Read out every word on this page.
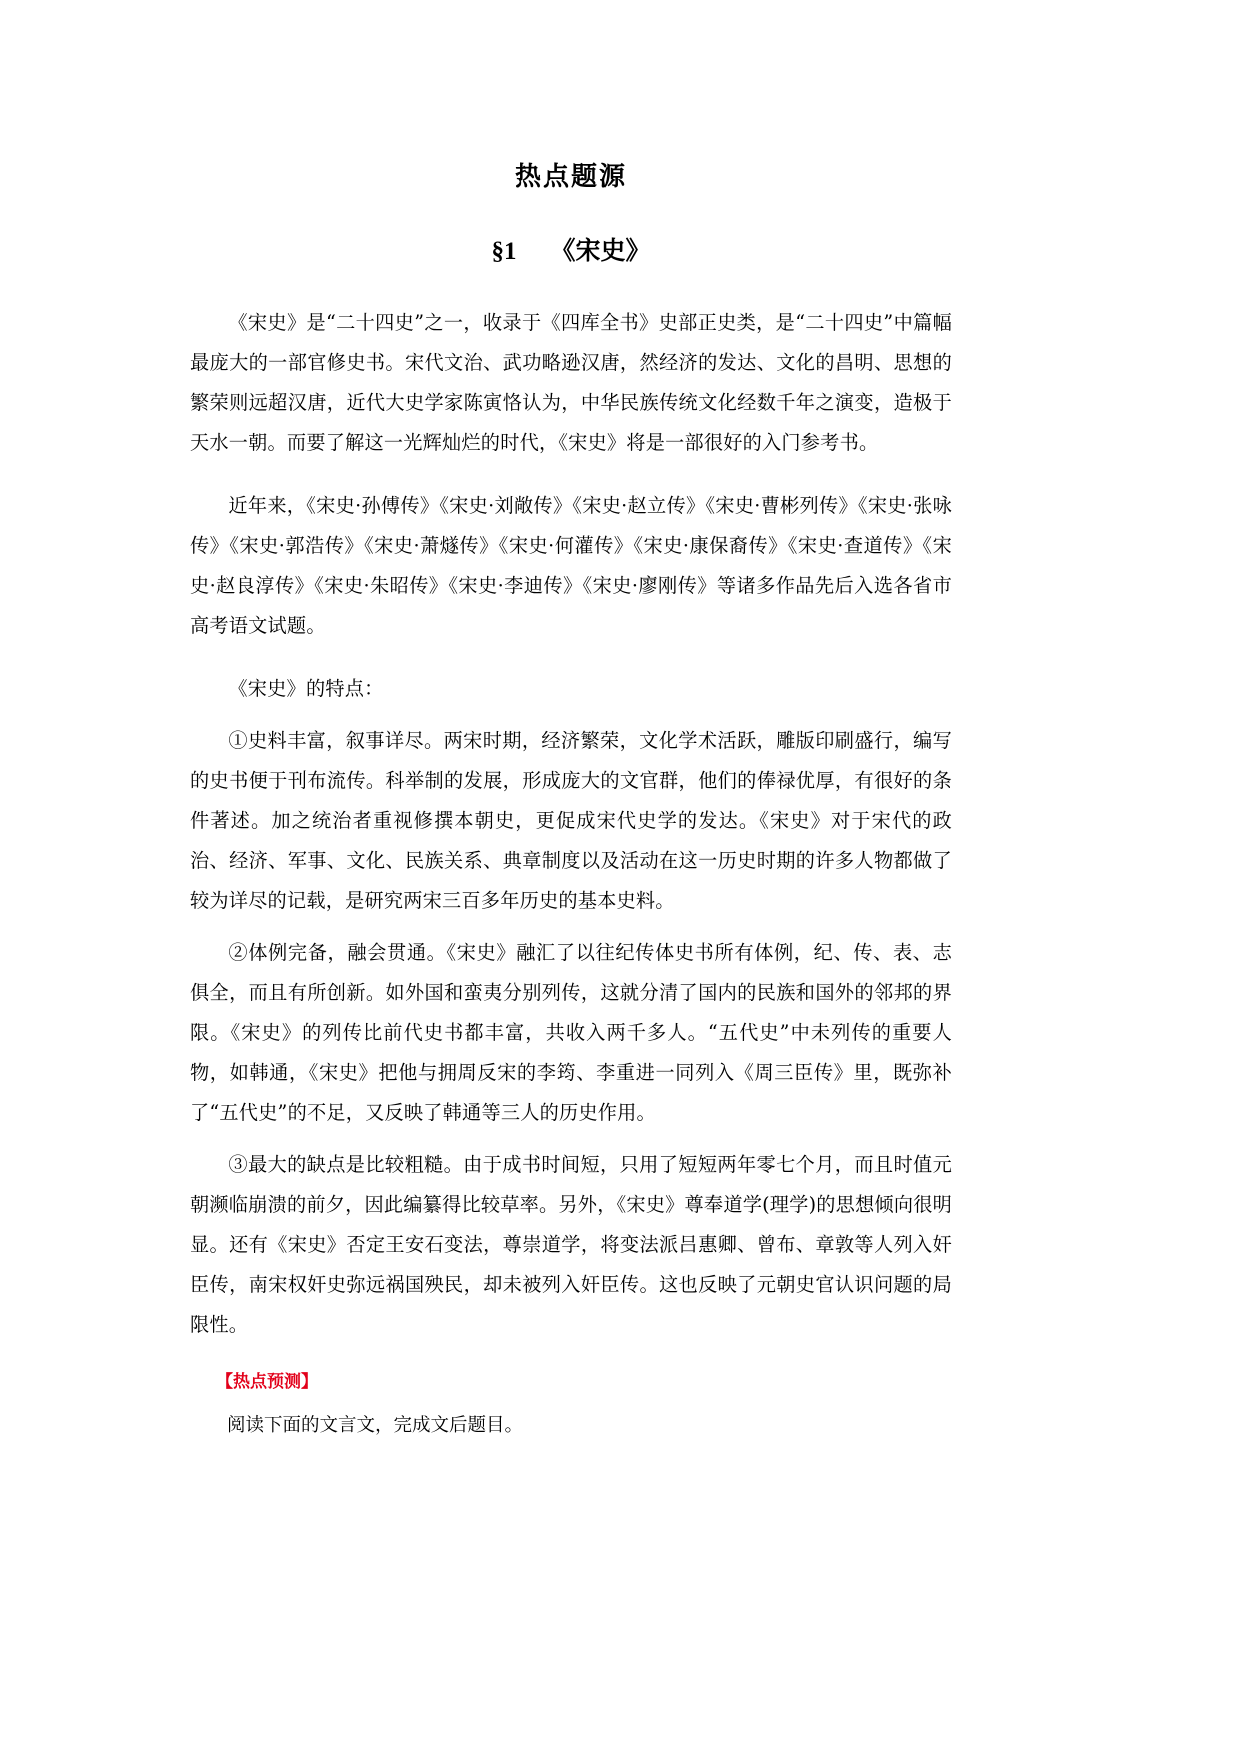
热点题源
§1 《宋史》

《宋史》是“二十四史”之一，收录于《四库全书》史部正史类，是“二十四史”中篇幅最庞大的一部官修史书。宋代文治、武功略逊汉唐，然经济的发达、文化的昌明、思想的繁荣则远超汉唐，近代大史学家陈寅恪认为，中华民族传统文化经数千年之演变，造极于天水一朝。而要了解这一光辉灿烂的时代，《宋史》将是一部很好的入门参考书。

近年来，《宋史·孙傅传》《宋史·刘敞传》《宋史·赵立传》《宋史·曹彬列传》《宋史·张咏传》《宋史·郭浩传》《宋史·萧燧传》《宋史·何灌传》《宋史·康保裔传》《宋史·查道传》《宋史·赵良淳传》《宋史·朱昭传》《宋史·李迪传》《宋史·廖刚传》等诸多作品先后入选各省市高考语文试题。

《宋史》的特点：

①史料丰富，叙事详尽。两宋时期，经济繁荣，文化学术活跃，雕版印刷盛行，编写的史书便于刊布流传。科举制的发展，形成庞大的文官群，他们的俸禄优厚，有很好的条件著述。加之统治者重视修撰本朝史，更促成宋代史学的发达。《宋史》对于宋代的政治、经济、军事、文化、民族关系、典章制度以及活动在这一历史时期的许多人物都做了较为详尽的记载，是研究两宋三百多年历史的基本史料。

②体例完备，融会贯通。《宋史》融汇了以往纪传体史书所有体例，纪、传、表、志俱全，而且有所创新。如外国和蛮夷分别列传，这就分清了国内的民族和国外的邻邦的界限。《宋史》的列传比前代史书都丰富，共收入两千多人。“五代史”中未列传的重要人物，如韩通，《宋史》把他与拥周反宋的李筠、李重进一同列入《周三臣传》里，既弥补了“五代史”的不足，又反映了韩通等三人的历史作用。

③最大的缺点是比较粗糙。由于成书时间短，只用了短短两年零七个月，而且时值元朝濒临崩溃的前夕，因此编纂得比较草率。另外，《宋史》尊奉道学(理学)的思想倾向很明显。还有《宋史》否定王安石变法，尊崇道学，将变法派吕惠卿、曾布、章敦等人列入奸臣传，南宋权奸史弥远祸国殃民，却未被列入奸臣传。这也反映了元朝史官认识问题的局限性。

【热点预测】

阅读下面的文言文，完成文后题目。
